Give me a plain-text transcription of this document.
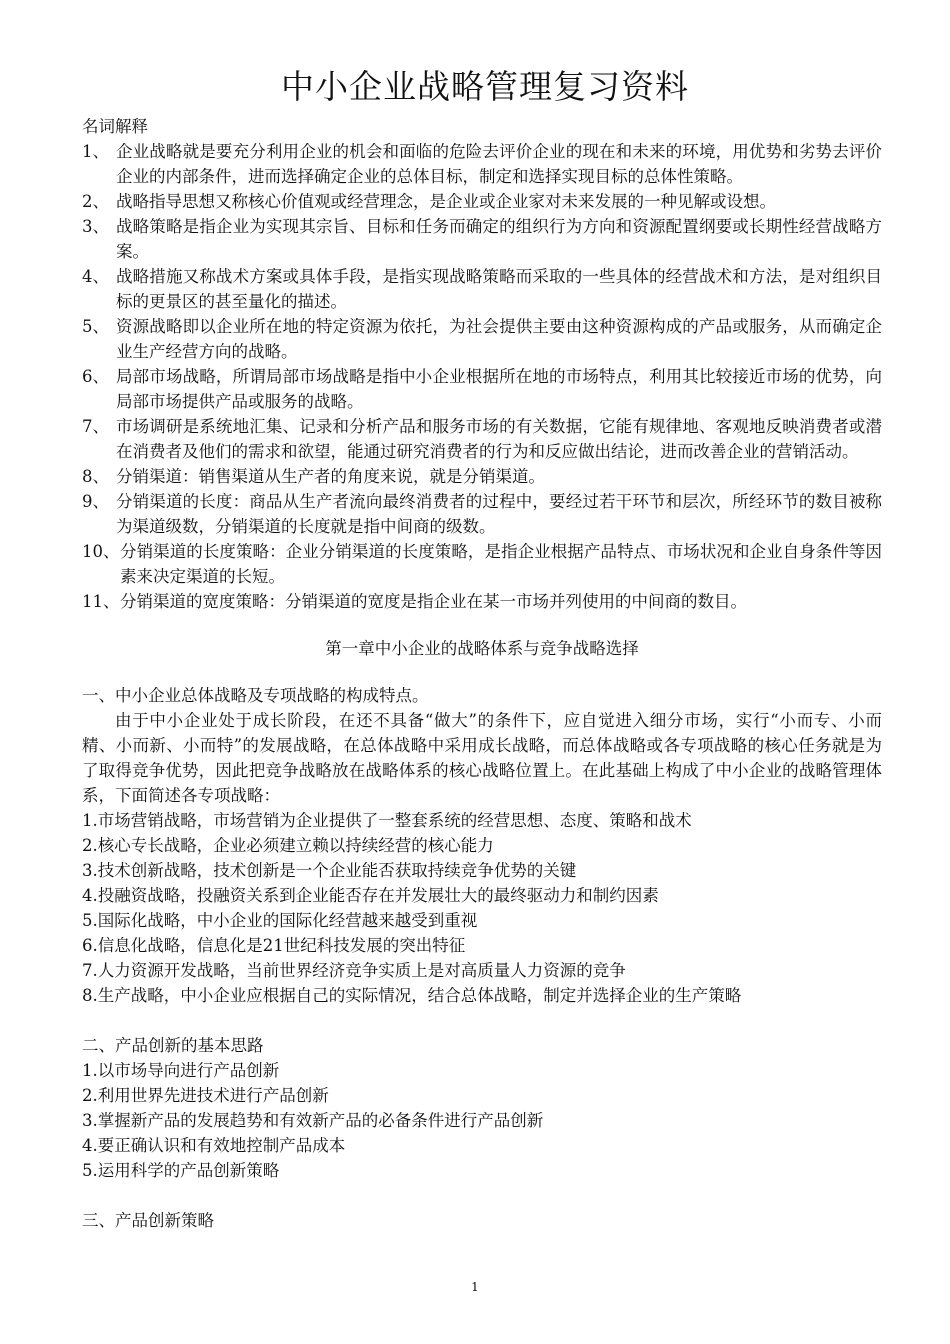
中小企业战略管理复习资料
名词解释
1、 企业战略就是要充分利用企业的机会和面临的危险去评价企业的现在和未来的环境，用优势和劣势去评价企业的内部条件，进而选择确定企业的总体目标，制定和选择实现目标的总体性策略。
2、 战略指导思想又称核心价值观或经营理念，是企业或企业家对未来发展的一种见解或设想。
3、 战略策略是指企业为实现其宗旨、目标和任务而确定的组织行为方向和资源配置纲要或长期性经营战略方案。
4、 战略措施又称战术方案或具体手段，是指实现战略策略而采取的一些具体的经营战术和方法，是对组织目标的更景区的甚至量化的描述。
5、 资源战略即以企业所在地的特定资源为依托，为社会提供主要由这种资源构成的产品或服务，从而确定企业生产经营方向的战略。
6、 局部市场战略，所谓局部市场战略是指中小企业根据所在地的市场特点，利用其比较接近市场的优势，向局部市场提供产品或服务的战略。
7、 市场调研是系统地汇集、记录和分析产品和服务市场的有关数据，它能有规律地、客观地反映消费者或潜在消费者及他们的需求和欲望，能通过研究消费者的行为和反应做出结论，进而改善企业的营销活动。
8、 分销渠道：销售渠道从生产者的角度来说，就是分销渠道。
9、 分销渠道的长度：商品从生产者流向最终消费者的过程中，要经过若干环节和层次，所经环节的数目被称为渠道级数，分销渠道的长度就是指中间商的级数。
10、 分销渠道的长度策略：企业分销渠道的长度策略，是指企业根据产品特点、市场状况和企业自身条件等因素来决定渠道的长短。
11、 分销渠道的宽度策略：分销渠道的宽度是指企业在某一市场并列使用的中间商的数目。
第一章中小企业的战略体系与竞争战略选择
一、中小企业总体战略及专项战略的构成特点。
由于中小企业处于成长阶段，在还不具备“做大”的条件下，应自觉进入细分市场，实行“小而专、小而精、小而新、小而特”的发展战略，在总体战略中采用成长战略，而总体战略或各专项战略的核心任务就是为了取得竞争优势，因此把竞争战略放在战略体系的核心战略位置上。在此基础上构成了中小企业的战略管理体系，下面简述各专项战略：
1.市场营销战略，市场营销为企业提供了一整套系统的经营思想、态度、策略和战术
2.核心专长战略，企业必须建立赖以持续经营的核心能力
3.技术创新战略，技术创新是一个企业能否获取持续竞争优势的关键
4.投融资战略，投融资关系到企业能否存在并发展壮大的最终驱动力和制约因素
5.国际化战略，中小企业的国际化经营越来越受到重视
6.信息化战略，信息化是21世纪科技发展的突出特征
7.人力资源开发战略，当前世界经济竞争实质上是对高质量人力资源的竞争
8.生产战略，中小企业应根据自己的实际情况，结合总体战略，制定并选择企业的生产策略
二、产品创新的基本思路
1.以市场导向进行产品创新
2.利用世界先进技术进行产品创新
3.掌握新产品的发展趋势和有效新产品的必备条件进行产品创新
4.要正确认识和有效地控制产品成本
5.运用科学的产品创新策略
三、产品创新策略
1
